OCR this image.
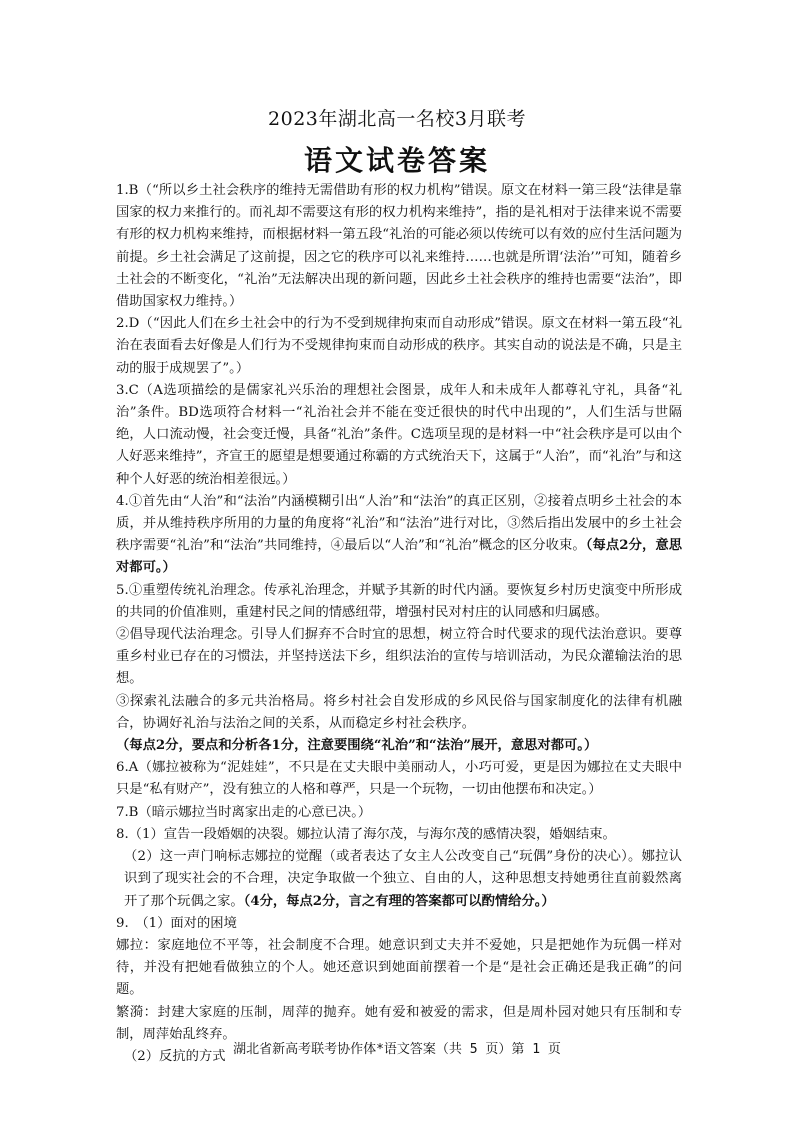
2023年湖北高一名校3月联考
语文试卷答案

1.B（“所以乡土社会秩序的维持无需借助有形的权力机构”错误。原文在材料一第三段“法律是靠国家的权力来推行的。而礼却不需要这有形的权力机构来维持”，指的是礼相对于法律来说不需要有形的权力机构来维持，而根据材料一第五段“礼治的可能必须以传统可以有效的应付生活问题为前提。乡土社会满足了这前提，因之它的秩序可以礼来维持……也就是所谓‘法治’”可知，随着乡土社会的不断变化，“礼治”无法解决出现的新问题，因此乡土社会秩序的维持也需要“法治”，即借助国家权力维持。）

2.D（“因此人们在乡土社会中的行为不受到规律拘束而自动形成”错误。原文在材料一第五段“礼治在表面看去好像是人们行为不受规律拘束而自动形成的秩序。其实自动的说法是不确，只是主动的服于成规罢了”。）

3.C（A选项描绘的是儒家礼兴乐治的理想社会图景，成年人和未成年人都尊礼守礼，具备“礼治”条件。BD选项符合材料一“礼治社会并不能在变迁很快的时代中出现的”，人们生活与世隔绝，人口流动慢，社会变迁慢，具备“礼治”条件。C选项呈现的是材料一中“社会秩序是可以由个人好恶来维持”，齐宣王的愿望是想要通过称霸的方式统治天下，这属于“人治”，而“礼治”与和这种个人好恶的统治相差很远。）

4.①首先由“人治”和“法治”内涵模糊引出“人治”和“法治”的真正区别，②接着点明乡土社会的本质，并从维持秩序所用的力量的角度将“礼治”和“法治”进行对比，③然后指出发展中的乡土社会秩序需要“礼治”和“法治”共同维持，④最后以“人治”和“礼治”概念的区分收束。（每点2分，意思对都可。）

5.①重塑传统礼治理念。传承礼治理念，并赋予其新的时代内涵。要恢复乡村历史演变中所形成的共同的价值准则，重建村民之间的情感纽带，增强村民对村庄的认同感和归属感。

②倡导现代法治理念。引导人们摒弃不合时宜的思想，树立符合时代要求的现代法治意识。要尊重乡村业已存在的习惯法，并坚持送法下乡，组织法治的宣传与培训活动，为民众灌输法治的思想。

③探索礼法融合的多元共治格局。将乡村社会自发形成的乡风民俗与国家制度化的法律有机融合，协调好礼治与法治之间的关系，从而稳定乡村社会秩序。

（每点2分，要点和分析各1分，注意要围绕“礼治”和“法治”展开，意思对都可。）

6.A（娜拉被称为“泥娃娃”，不只是在丈夫眼中美丽动人，小巧可爱，更是因为娜拉在丈夫眼中只是“私有财产”，没有独立的人格和尊严，只是一个玩物，一切由他摆布和决定。）

7.B（暗示娜拉当时离家出走的心意已决。）

8.（1）宣告一段婚姻的决裂。娜拉认清了海尔茂，与海尔茂的感情决裂，婚姻结束。

（2）这一声门响标志娜拉的觉醒（或者表达了女主人公改变自己“玩偶”身份的决心）。娜拉认识到了现实社会的不合理，决定争取做一个独立、自由的人，这种思想支持她勇往直前毅然离开了那个玩偶之家。（4分，每点2分，言之有理的答案都可以酌情给分。）

9.　（1）面对的困境

娜拉：家庭地位不平等，社会制度不合理。她意识到丈夫并不爱她，只是把她作为玩偶一样对待，并没有把她看做独立的个人。她还意识到她面前摆着一个是“是社会正确还是我正确”的问题。

繁漪：封建大家庭的压制，周萍的抛弃。她有爱和被爱的需求，但是周朴园对她只有压制和专制，周萍始乱终弃。

（2）反抗的方式 湖北省新高考联考协作体*语文答案（共 5 页）第 1 页
